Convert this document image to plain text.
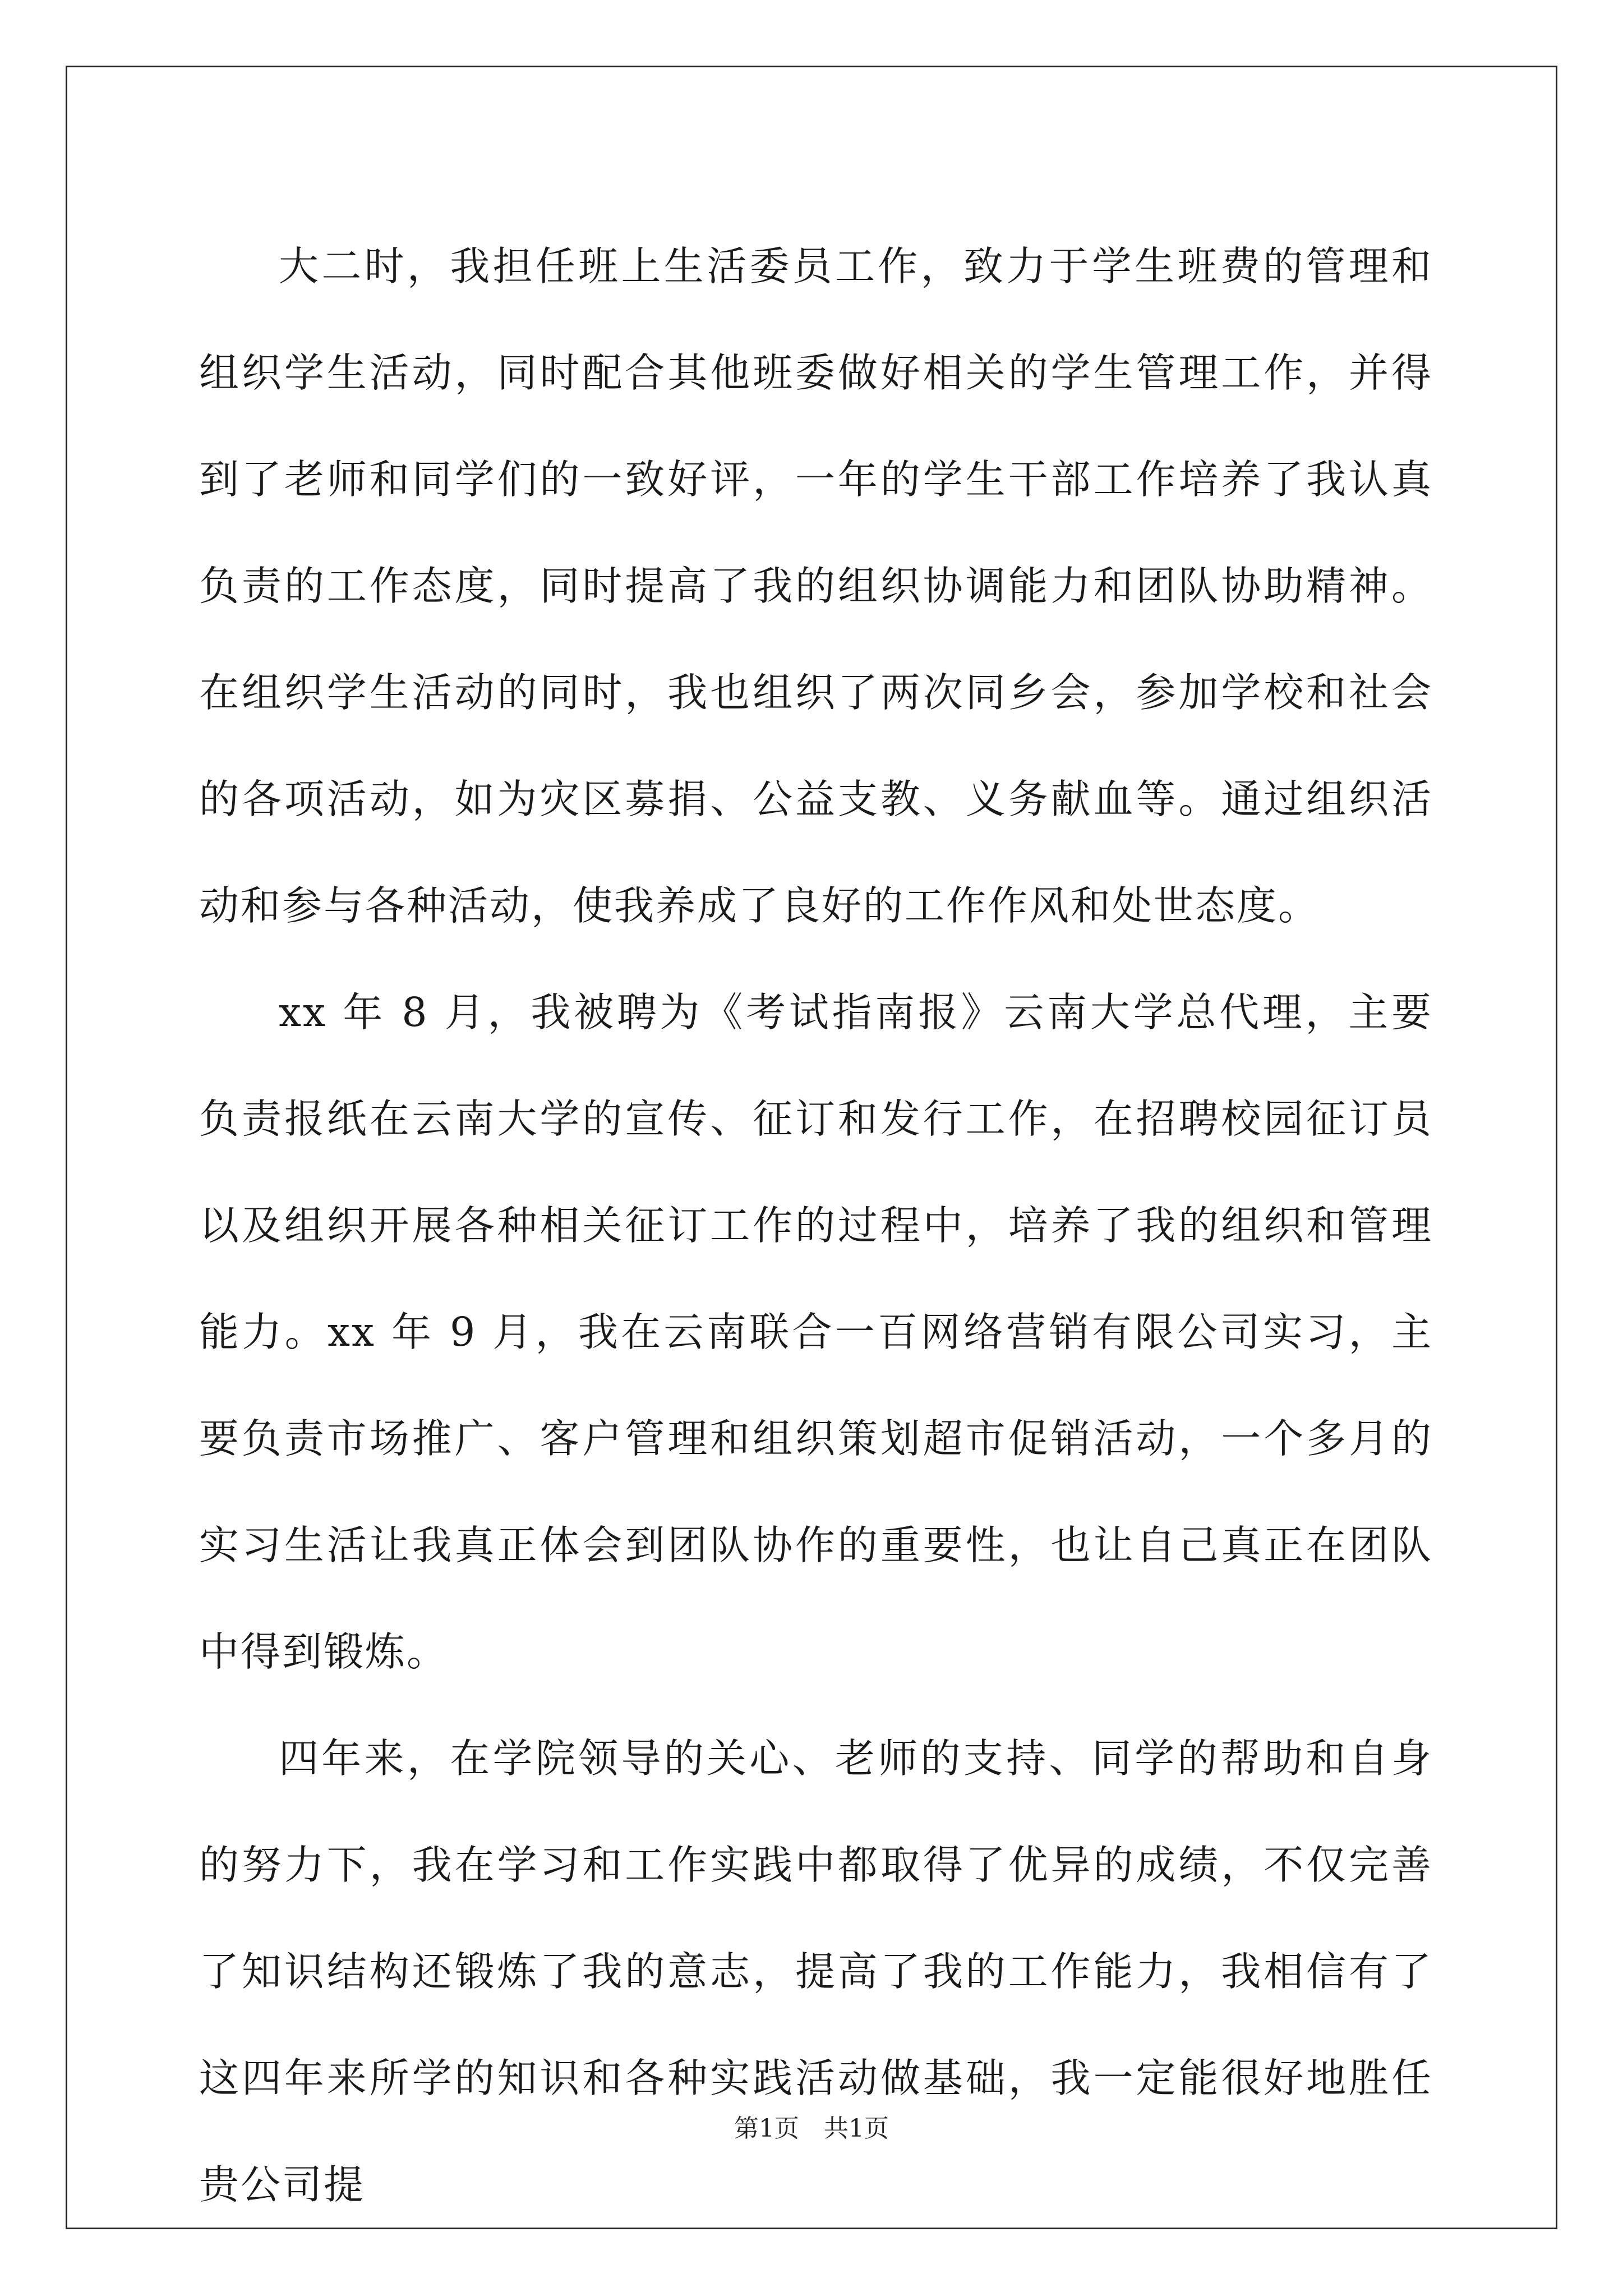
大二时，我担任班上生活委员工作，致力于学生班费的管理和组织学生活动，同时配合其他班委做好相关的学生管理工作，并得到了老师和同学们的一致好评，一年的学生干部工作培养了我认真负责的工作态度，同时提高了我的组织协调能力和团队协助精神。在组织学生活动的同时，我也组织了两次同乡会，参加学校和社会的各项活动，如为灾区募捐、公益支教、义务献血等。通过组织活动和参与各种活动，使我养成了良好的工作作风和处世态度。

xx 年 8 月，我被聘为《考试指南报》云南大学总代理，主要负责报纸在云南大学的宣传、征订和发行工作，在招聘校园征订员以及组织开展各种相关征订工作的过程中，培养了我的组织和管理能力。xx 年 9 月，我在云南联合一百网络营销有限公司实习，主要负责市场推广、客户管理和组织策划超市促销活动，一个多月的实习生活让我真正体会到团队协作的重要性，也让自己真正在团队中得到锻炼。

四年来，在学院领导的关心、老师的支持、同学的帮助和自身的努力下，我在学习和工作实践中都取得了优异的成绩，不仅完善了知识结构还锻炼了我的意志，提高了我的工作能力，我相信有了这四年来所学的知识和各种实践活动做基础，我一定能很好地胜任贵公司提

第1页 共1页
